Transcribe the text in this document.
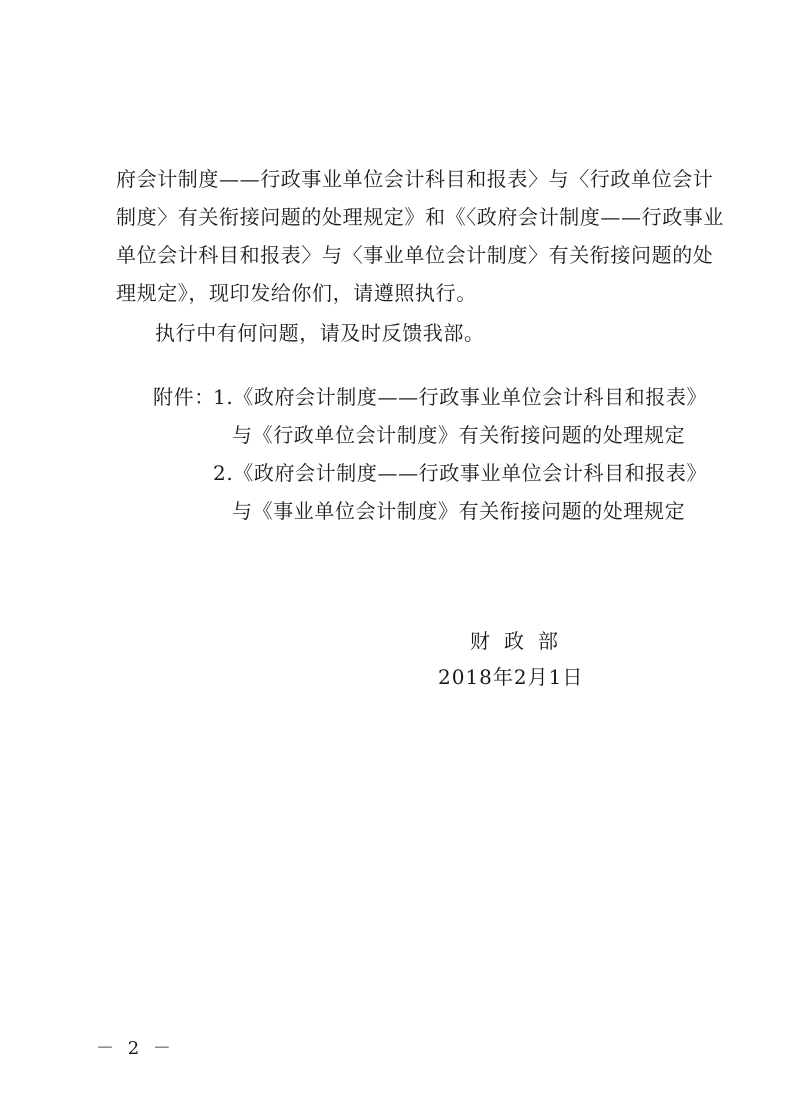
府会计制度——行政事业单位会计科目和报表〉与〈行政单位会计
制度〉有关衔接问题的处理规定》和《〈政府会计制度——行政事业
单位会计科目和报表〉与〈事业单位会计制度〉有关衔接问题的处
理规定》，现印发给你们，请遵照执行。
执行中有何问题，请及时反馈我部。
附件：
1.《政府会计制度——行政事业单位会计科目和报表》
与《行政单位会计制度》有关衔接问题的处理规定
2.《政府会计制度——行政事业单位会计科目和报表》
与《事业单位会计制度》有关衔接问题的处理规定
财政部
2018年2月1日
－ 2 －
